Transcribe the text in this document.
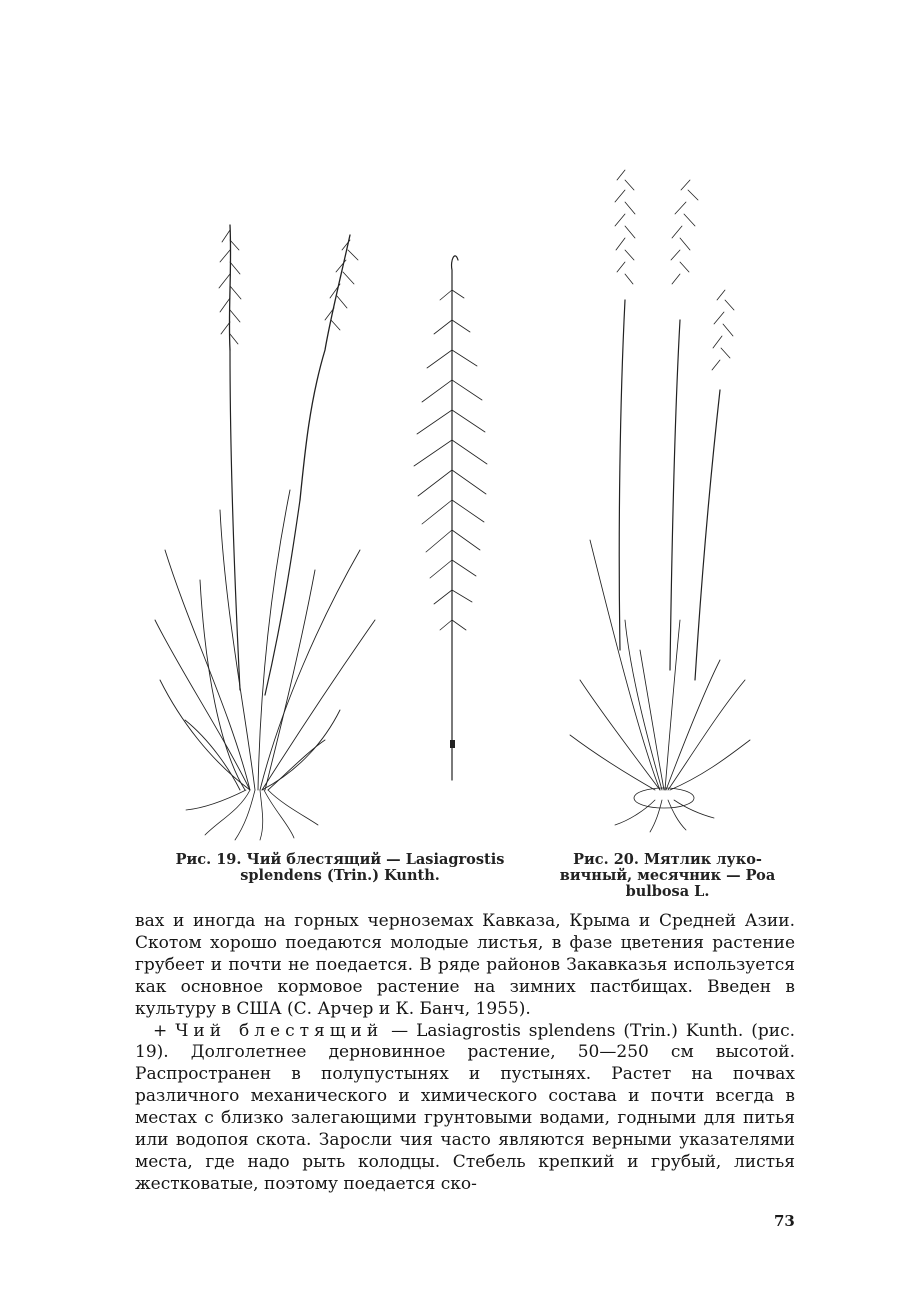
Рис. 19. Чий блестящий — Lasiagrostis
splendens (Trin.) Kunth.
Рис. 20. Мятлик луко-
вичный, месячник — Poa
bulbosa L.

вах и иногда на горных черноземах Кавказа, Крыма и Средней Азии. Скотом хорошо поедаются молодые листья, в фазе цветения растение грубеет и почти не поедается. В ряде районов Закавказья используется как основное кормовое растение на зимних пастбищах. Введен в культуру в США (С. Арчер и К. Банч, 1955).

+ Чий блестящий — Lasiagrostis splendens (Trin.) Kunth. (рис. 19). Долголетнее дерновинное растение, 50—250 см высотой. Распространен в полупустынях и пустынях. Растет на почвах различного механического и химического состава и почти всегда в местах с близко залегающими грунтовыми водами, годными для питья или водопоя скота. Заросли чия часто являются верными указателями места, где надо рыть колодцы. Стебель крепкий и грубый, листья жестковатые, поэтому поедается ско-

73
